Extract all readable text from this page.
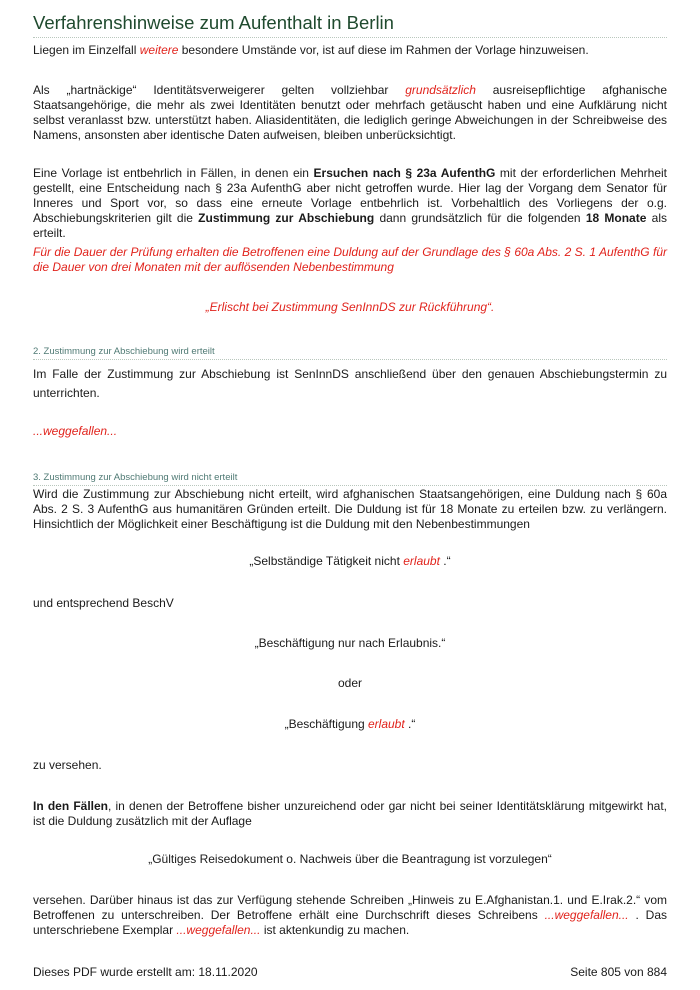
Verfahrenshinweise zum Aufenthalt in Berlin
Liegen im Einzelfall weitere besondere Umstände vor, ist auf diese im Rahmen der Vorlage hinzuweisen.
Als „hartnäckige“ Identitätsverweigerer gelten vollziehbar grundsätzlich ausreisepflichtige afghanische Staatsangehörige, die mehr als zwei Identitäten benutzt oder mehrfach getäuscht haben und eine Aufklärung nicht selbst veranlasst bzw. unterstützt haben. Aliasidentitäten, die lediglich geringe Abweichungen in der Schreibweise des Namens, ansonsten aber identische Daten aufweisen, bleiben unberücksichtigt.
Eine Vorlage ist entbehrlich in Fällen, in denen ein Ersuchen nach § 23a AufenthG mit der erforderlichen Mehrheit gestellt, eine Entscheidung nach § 23a AufenthG aber nicht getroffen wurde. Hier lag der Vorgang dem Senator für Inneres und Sport vor, so dass eine erneute Vorlage entbehrlich ist. Vorbehaltlich des Vorliegens der o.g. Abschiebungskriterien gilt die Zustimmung zur Abschiebung dann grundsätzlich für die folgenden 18 Monate als erteilt.
Für die Dauer der Prüfung erhalten die Betroffenen eine Duldung auf der Grundlage des § 60a Abs. 2 S. 1 AufenthG für die Dauer von drei Monaten mit der auflösenden Nebenbestimmung
„Erlischt bei Zustimmung SenInnDS zur Rückführung“.
2. Zustimmung zur Abschiebung wird erteilt
Im Falle der Zustimmung zur Abschiebung ist SenInnDS anschließend über den genauen Abschiebungstermin zu unterrichten.
...weggefallen...
3. Zustimmung zur Abschiebung wird nicht erteilt
Wird die Zustimmung zur Abschiebung nicht erteilt, wird afghanischen Staatsangehörigen, eine Duldung nach § 60a Abs. 2 S. 3 AufenthG aus humanitären Gründen erteilt. Die Duldung ist für 18 Monate zu erteilen bzw. zu verlängern. Hinsichtlich der Möglichkeit einer Beschäftigung ist die Duldung mit den Nebenbestimmungen
„Selbständige Tätigkeit nicht erlaubt .“
und entsprechend BeschV
„Beschäftigung nur nach Erlaubnis.“
oder
„Beschäftigung erlaubt .“
zu versehen.
In den Fällen, in denen der Betroffene bisher unzureichend oder gar nicht bei seiner Identitätsklärung mitgewirkt hat, ist die Duldung zusätzlich mit der Auflage
„Gültiges Reisedokument o. Nachweis über die Beantragung ist vorzulegen“
versehen. Darüber hinaus ist das zur Verfügung stehende Schreiben „Hinweis zu E.Afghanistan.1. und E.Irak.2.“ vom Betroffenen zu unterschreiben. Der Betroffene erhält eine Durchschrift dieses Schreibens ...weggefallen... . Das unterschriebene Exemplar ...weggefallen... ist aktenkundig zu machen.
Dieses PDF wurde erstellt am: 18.11.2020	Seite 805 von 884
